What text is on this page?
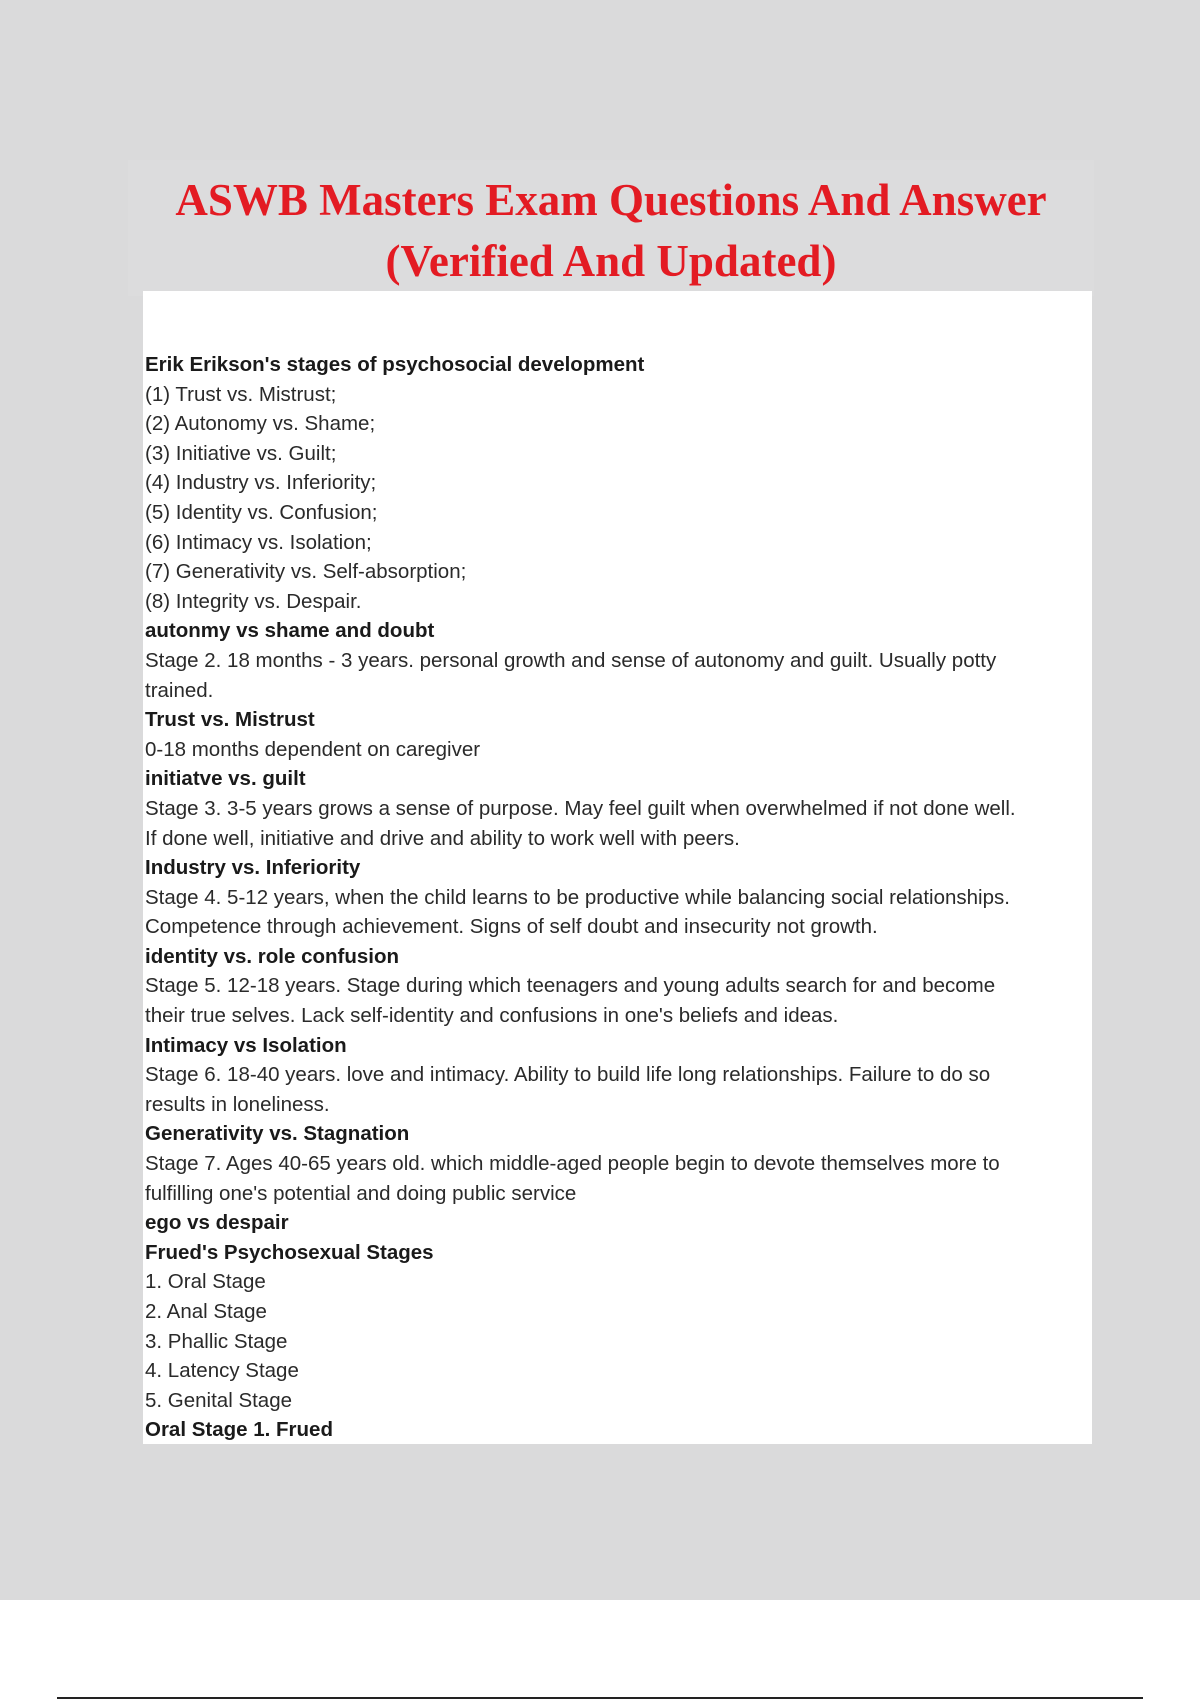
ASWB Masters Exam Questions And Answer
(Verified And Updated)
Erik Erikson's stages of psychosocial development
(1) Trust vs. Mistrust;
(2) Autonomy vs. Shame;
(3) Initiative vs. Guilt;
(4) Industry vs. Inferiority;
(5) Identity vs. Confusion;
(6) Intimacy vs. Isolation;
(7) Generativity vs. Self-absorption;
(8) Integrity vs. Despair.
autonmy vs shame and doubt
Stage 2. 18 months - 3 years. personal growth and sense of autonomy and guilt. Usually potty
trained.
Trust vs. Mistrust
0-18 months dependent on caregiver
initiatve vs. guilt
Stage 3. 3-5 years grows a sense of purpose. May feel guilt when overwhelmed if not done well.
If done well, initiative and drive and ability to work well with peers.
Industry vs. Inferiority
Stage 4. 5-12 years, when the child learns to be productive while balancing social relationships.
Competence through achievement. Signs of self doubt and insecurity not growth.
identity vs. role confusion
Stage 5. 12-18 years. Stage during which teenagers and young adults search for and become
their true selves. Lack self-identity and confusions in one's beliefs and ideas.
Intimacy vs Isolation
Stage 6. 18-40 years. love and intimacy. Ability to build life long relationships. Failure to do so
results in loneliness.
Generativity vs. Stagnation
Stage 7. Ages 40-65 years old. which middle-aged people begin to devote themselves more to
fulfilling one's potential and doing public service
ego vs despair
Frued's Psychosexual Stages
1. Oral Stage
2. Anal Stage
3. Phallic Stage
4. Latency Stage
5. Genital Stage
Oral Stage 1. Frued
